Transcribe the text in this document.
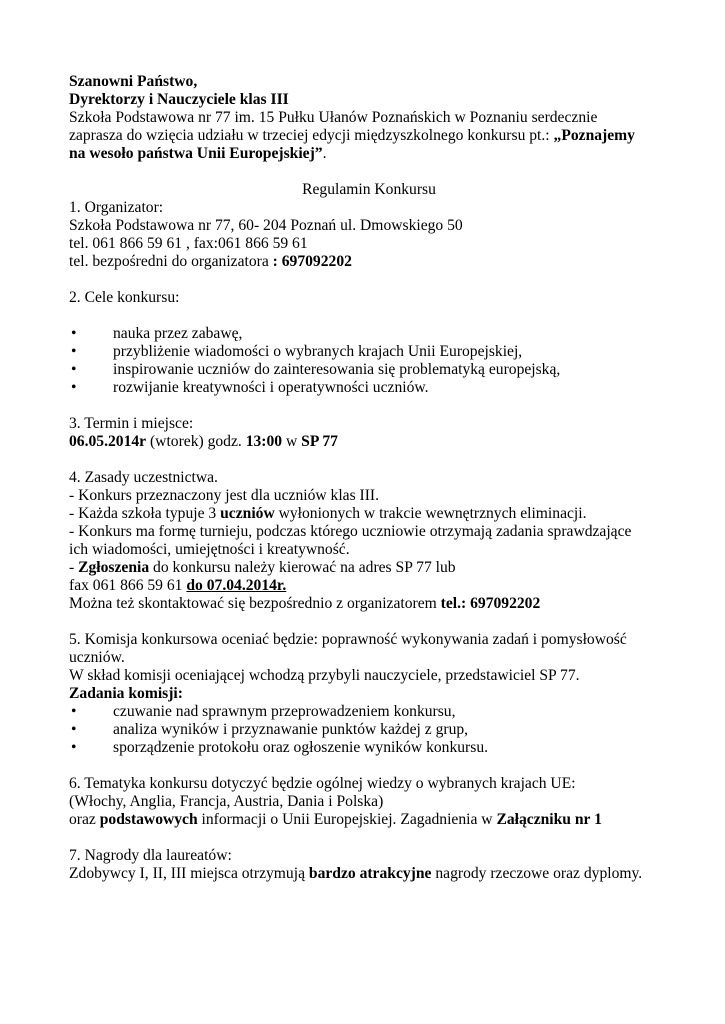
Szanowni Państwo,
Dyrektorzy i Nauczyciele klas III
Szkoła Podstawowa nr 77 im. 15 Pułku Ułanów Poznańskich w Poznaniu serdecznie
zaprasza do wzięcia udziału w trzeciej edycji międzyszkolnego konkursu pt.: „Poznajemy
na wesoło państwa Unii Europejskiej”.
Regulamin Konkursu
1. Organizator:
Szkoła Podstawowa nr 77, 60- 204 Poznań ul. Dmowskiego 50
tel. 061 866 59 61 , fax:061 866 59 61
tel. bezpośredni do organizatora : 697092202
2. Cele konkursu:
• nauka przez zabawę,
• przybliżenie wiadomości o wybranych krajach Unii Europejskiej,
• inspirowanie uczniów do zainteresowania się problematyką europejską,
• rozwijanie kreatywności i operatywności uczniów.
3. Termin i miejsce:
06.05.2014r (wtorek) godz. 13:00 w SP 77
4. Zasady uczestnictwa.
- Konkurs przeznaczony jest dla uczniów klas III.
- Każda szkoła typuje 3 uczniów wyłonionych w trakcie wewnętrznych eliminacji.
- Konkurs ma formę turnieju, podczas którego uczniowie otrzymają zadania sprawdzające
ich wiadomości, umiejętności i kreatywność.
- Zgłoszenia do konkursu należy kierować na adres SP 77 lub
fax 061 866 59 61 do 07.04.2014r.
Można też skontaktować się bezpośrednio z organizatorem tel.: 697092202
5. Komisja konkursowa oceniać będzie: poprawność wykonywania zadań i pomysłowość
uczniów.
W skład komisji oceniającej wchodzą przybyli nauczyciele, przedstawiciel SP 77.
Zadania komisji:
• czuwanie nad sprawnym przeprowadzeniem konkursu,
• analiza wyników i przyznawanie punktów każdej z grup,
• sporządzenie protokołu oraz ogłoszenie wyników konkursu.
6. Tematyka konkursu dotyczyć będzie ogólnej wiedzy o wybranych krajach UE:
(Włochy, Anglia, Francja, Austria, Dania i Polska)
oraz podstawowych informacji o Unii Europejskiej. Zagadnienia w Załączniku nr 1
7. Nagrody dla laureatów:
Zdobywcy I, II, III miejsca otrzymują bardzo atrakcyjne nagrody rzeczowe oraz dyplomy.
